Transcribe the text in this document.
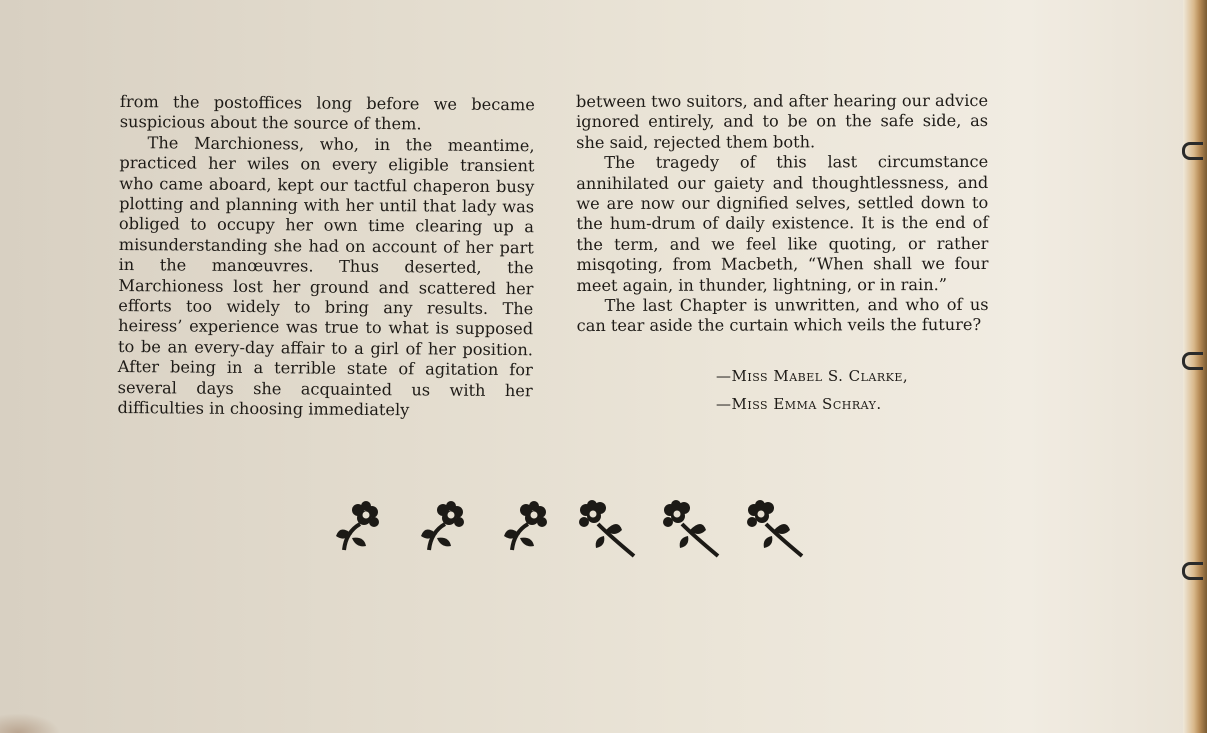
from the postoffices long before we became suspicious about the source of them.

The Marchioness, who, in the meantime, practiced her wiles on every eligible transient who came aboard, kept our tactful chaperon busy plotting and planning with her until that lady was obliged to occupy her own time clearing up a misunderstanding she had on account of her part in the manœuvres. Thus deserted, the Marchioness lost her ground and scattered her efforts too widely to bring any results. The heiress’ experience was true to what is supposed to be an every-day affair to a girl of her position. After being in a terrible state of agitation for several days she acquainted us with her difficulties in choosing immediately

between two suitors, and after hearing our advice ignored entirely, and to be on the safe side, as she said, rejected them both.

The tragedy of this last circumstance annihilated our gaiety and thoughtlessness, and we are now our dignified selves, settled down to the hum-drum of daily existence. It is the end of the term, and we feel like quoting, or rather misqoting, from Macbeth, “When shall we four meet again, in thunder, lightning, or in rain.”

The last Chapter is unwritten, and who of us can tear aside the curtain which veils the future?

—Miss Mabel S. Clarke,
—Miss Emma Schray.
